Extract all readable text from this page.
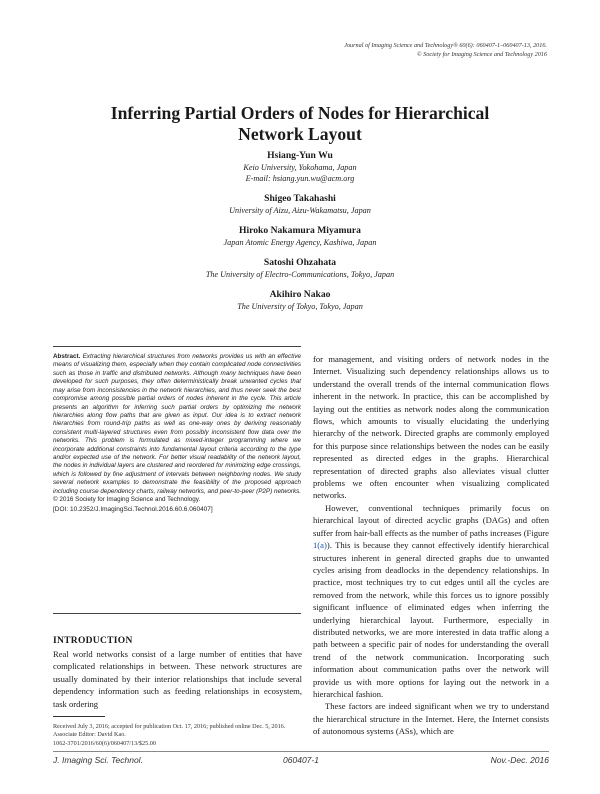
Journal of Imaging Science and Technology® 60(6): 060407-1–060407-13, 2016.
© Society for Imaging Science and Technology 2016
Inferring Partial Orders of Nodes for Hierarchical Network Layout
Hsiang-Yun Wu
Keio University, Yokohama, Japan
E-mail: hsiang.yun.wu@acm.org
Shigeo Takahashi
University of Aizu, Aizu-Wakamatsu, Japan
Hiroko Nakamura Miyamura
Japan Atomic Energy Agency, Kashiwa, Japan
Satoshi Ohzahata
The University of Electro-Communications, Tokyo, Japan
Akihiro Nakao
The University of Tokyo, Tokyo, Japan

Abstract. Extracting hierarchical structures from networks provides us with an effective means of visualizing them, especially when they contain complicated node connectivities such as those in traffic and distributed networks. Although many techniques have been developed for such purposes, they often deterministically break unwanted cycles that may arise from inconsistencies in the network hierarchies, and thus never seek the best compromise among possible partial orders of nodes inherent in the cycle. This article presents an algorithm for inferring such partial orders by optimizing the network hierarchies along flow paths that are given as input. Our idea is to extract network hierarchies from round-trip paths as well as one-way ones by deriving reasonably consistent multi-layered structures even from possibly inconsistent flow data over the networks. This problem is formulated as mixed-integer programming where we incorporate additional constraints into fundamental layout criteria according to the type and/or expected use of the network. For better visual readability of the network layout, the nodes in individual layers are clustered and reordered for minimizing edge crossings, which is followed by fine adjustment of intervals between neighboring nodes. We study several network examples to demonstrate the feasibility of the proposed approach including course dependency charts, railway networks, and peer-to-peer (P2P) networks. © 2016 Society for Imaging Science and Technology.

[DOI: 10.2352/J.ImagingSci.Technol.2016.60.6.060407]
INTRODUCTION

Real world networks consist of a large number of entities that have complicated relationships in between. These network structures are usually dominated by their interior relationships that include several dependency information such as feeding relationships in ecosystem, task ordering

Received July 3, 2016; accepted for publication Oct. 17, 2016; published online Dec. 5, 2016. Associate Editor: David Kao.
1062-3701/2016/60(6)/060407/13/$25.00

for management, and visiting orders of network nodes in the Internet. Visualizing such dependency relationships allows us to understand the overall trends of the internal communication flows inherent in the network. In practice, this can be accomplished by laying out the entities as network nodes along the communication flows, which amounts to visually elucidating the underlying hierarchy of the network. Directed graphs are commonly employed for this purpose since relationships between the nodes can be easily represented as directed edges in the graphs. Hierarchical representation of directed graphs also alleviates visual clutter problems we often encounter when visualizing complicated networks.

However, conventional techniques primarily focus on hierarchical layout of directed acyclic graphs (DAGs) and often suffer from hair-ball effects as the number of paths increases (Figure 1(a)). This is because they cannot effectively identify hierarchical structures inherent in general directed graphs due to unwanted cycles arising from deadlocks in the dependency relationships. In practice, most techniques try to cut edges until all the cycles are removed from the network, while this forces us to ignore possibly significant influence of eliminated edges when inferring the underlying hierarchical layout. Furthermore, especially in distributed networks, we are more interested in data traffic along a path between a specific pair of nodes for understanding the overall trend of the network communication. Incorporating such information about communication paths over the network will provide us with more options for laying out the network in a hierarchical fashion.

These factors are indeed significant when we try to understand the hierarchical structure in the Internet. Here, the Internet consists of autonomous systems (ASs), which are

J. Imaging Sci. Technol.	060407-1	Nov.-Dec. 2016
